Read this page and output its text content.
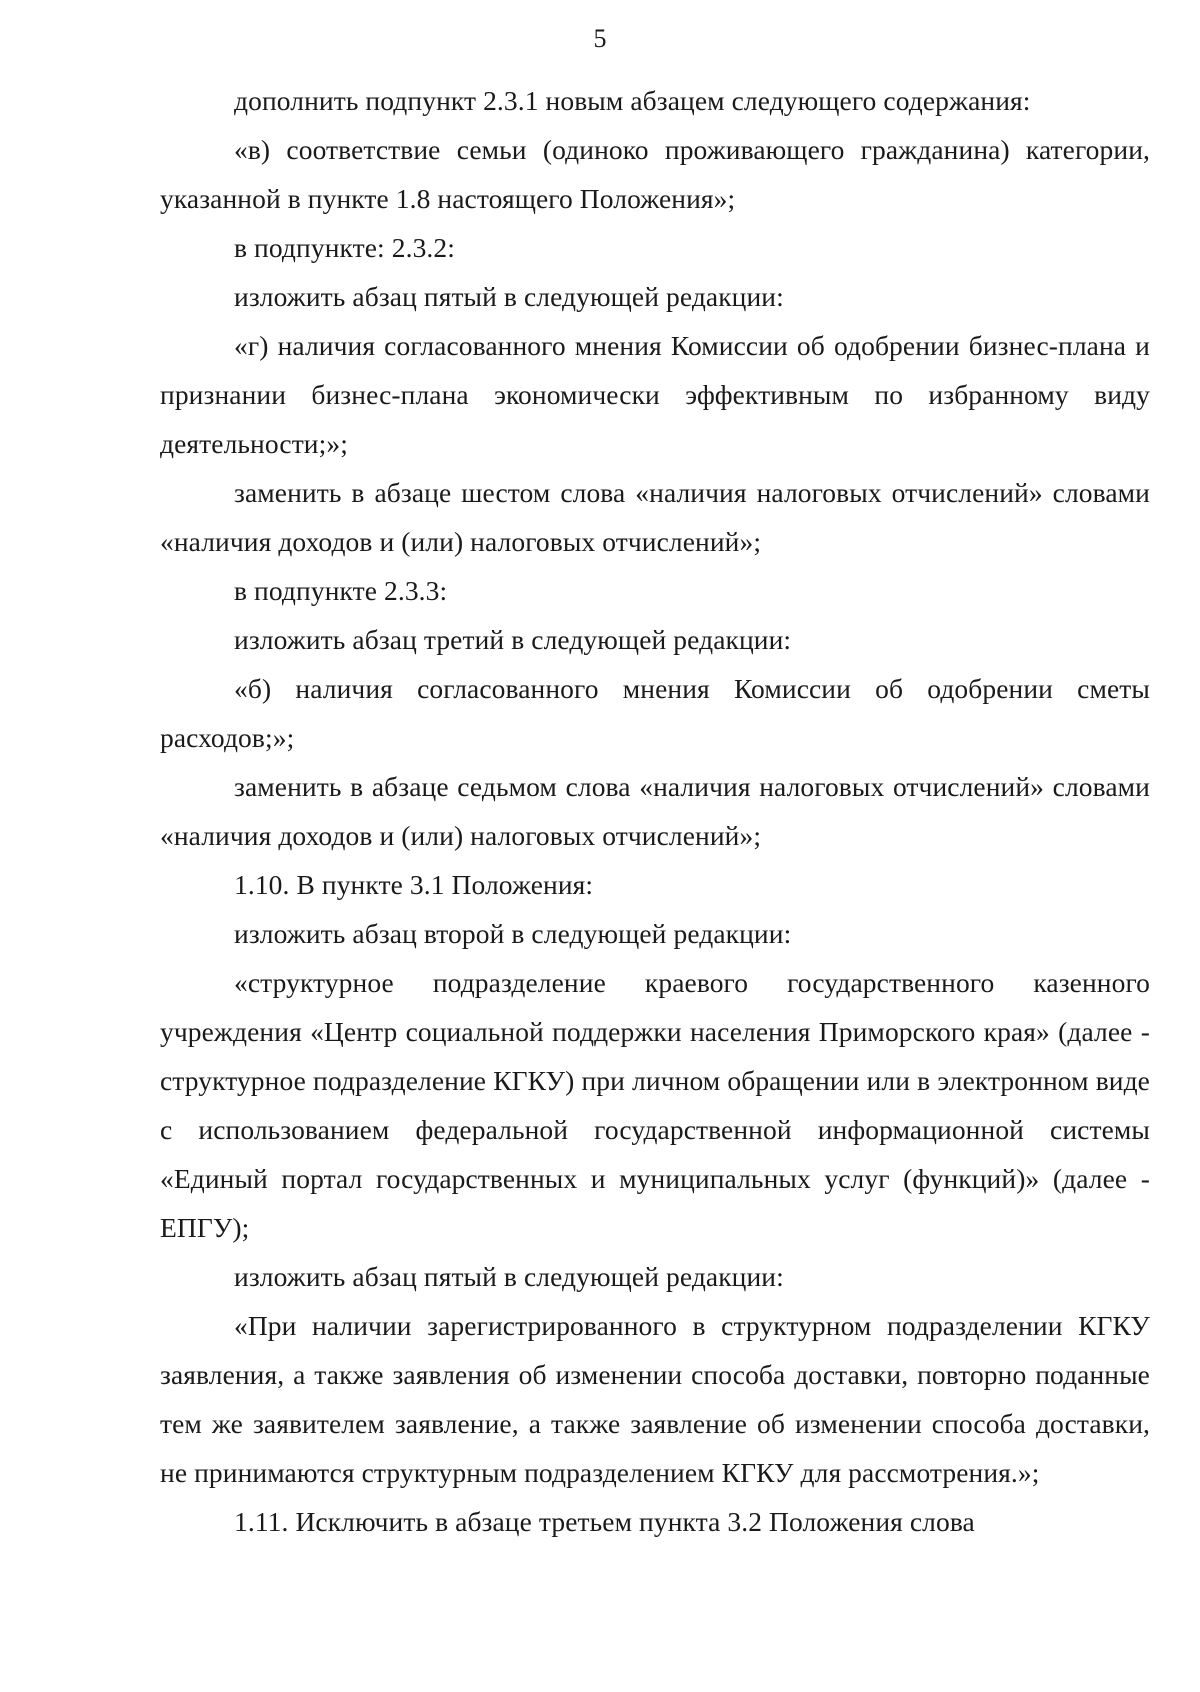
5

дополнить подпункт 2.3.1 новым абзацем следующего содержания:

«в) соответствие семьи (одиноко проживающего гражданина) категории, указанной в пункте 1.8 настоящего Положения»;

в подпункте: 2.3.2:

изложить абзац пятый в следующей редакции:

«г) наличия согласованного мнения Комиссии об одобрении бизнес-плана и признании бизнес-плана экономически эффективным по избранному виду деятельности;»;

заменить в абзаце шестом слова «наличия налоговых отчислений» словами «наличия доходов и (или) налоговых отчислений»;

в подпункте 2.3.3:

изложить абзац третий в следующей редакции:

«б) наличия согласованного мнения Комиссии об одобрении сметы расходов;»;

заменить в абзаце седьмом слова «наличия налоговых отчислений» словами «наличия доходов и (или) налоговых отчислений»;

1.10. В пункте 3.1 Положения:

изложить абзац второй в следующей редакции:

«структурное подразделение краевого государственного казенного учреждения «Центр социальной поддержки населения Приморского края» (далее - структурное подразделение КГКУ) при личном обращении или в электронном виде с использованием федеральной государственной информационной системы «Единый портал государственных и муниципальных услуг (функций)» (далее - ЕПГУ);

изложить абзац пятый в следующей редакции:

«При наличии зарегистрированного в структурном подразделении КГКУ заявления, а также заявления об изменении способа доставки, повторно поданные тем же заявителем заявление, а также заявление об изменении способа доставки, не принимаются структурным подразделением КГКУ для рассмотрения.»;

1.11. Исключить в абзаце третьем пункта 3.2 Положения слова
